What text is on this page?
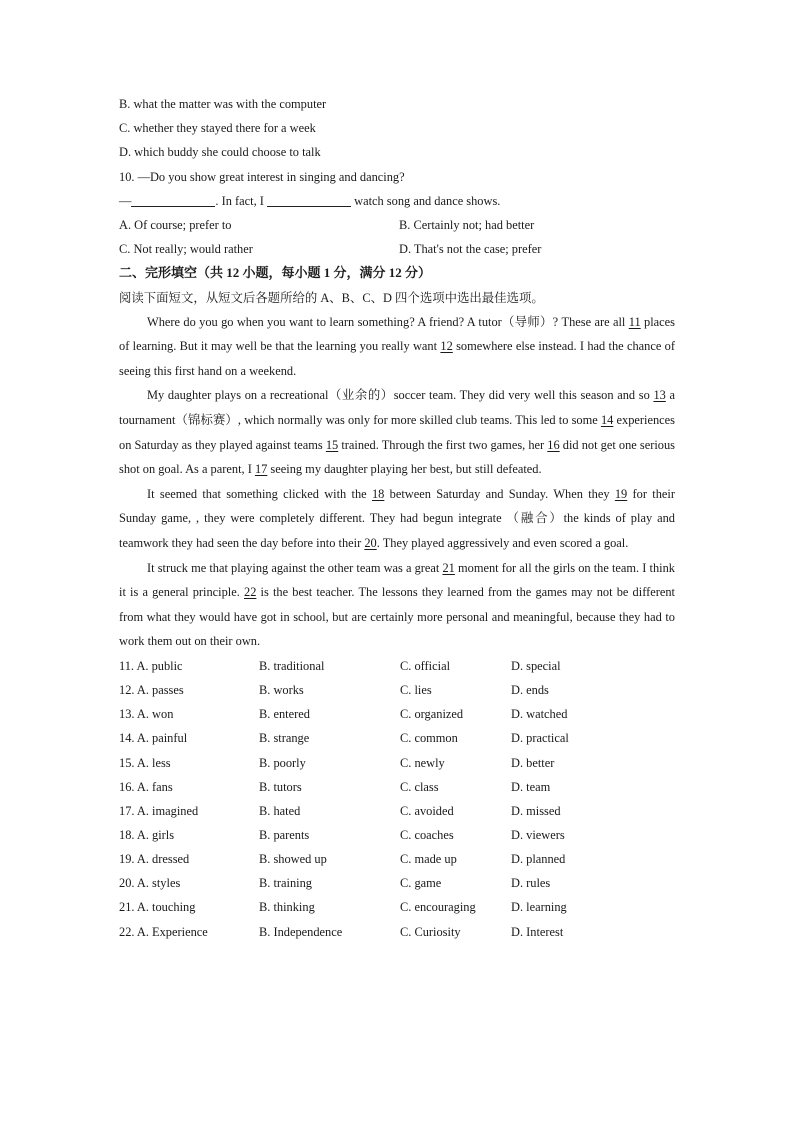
B. what the matter was with the computer
C. whether they stayed there for a week
D. which buddy she could choose to talk
10. —Do you show great interest in singing and dancing?
—	. In fact, I	watch song and dance shows.
A. Of course; prefer to	B. Certainly not; had better
C. Not really; would rather	D. That's not the case; prefer
二、完形填空（共 12 小题，每小题 1 分，满分 12 分）
阅读下面短文，从短文后各题所给的 A、B、C、D 四个选项中选出最佳选项。

Where do you go when you want to learn something? A friend? A tutor（导师）? These are all 11 places of learning. But it may well be that the learning you really want 12 somewhere else instead. I had the chance of seeing this first hand on a weekend.

My daughter plays on a recreational（业余的）soccer team. They did very well this season and so 13 a tournament（锦标赛）, which normally was only for more skilled club teams. This led to some 14 experiences on Saturday as they played against teams 15 trained. Through the first two games, her 16 did not get one serious shot on goal. As a parent, I 17 seeing my daughter playing her best, but still defeated.

It seemed that something clicked with the 18 between Saturday and Sunday. When they 19 for their Sunday game, , they were completely different. They had begun integrate （融合）the kinds of play and teamwork they had seen the day before into their 20. They played aggressively and even scored a goal.

It struck me that playing against the other team was a great 21 moment for all the girls on the team. I think it is a general principle. 22 is the best teacher. The lessons they learned from the games may not be different from what they would have got in school, but are certainly more personal and meaningful, because they had to work them out on their own.

11. A. public	B. traditional	C. official	D. special
12. A. passes	B. works	C. lies	D. ends
13. A. won	B. entered	C. organized	D. watched
14. A. painful	B. strange	C. common	D. practical
15. A. less	B. poorly	C. newly	D. better
16. A. fans	B. tutors	C. class	D. team
17. A. imagined	B. hated	C. avoided	D. missed
18. A. girls	B. parents	C. coaches	D. viewers
19. A. dressed	B. showed up	C. made up	D. planned
20. A. styles	B. training	C. game	D. rules
21. A. touching	B. thinking	C. encouraging	D. learning
22. A. Experience	B. Independence	C. Curiosity	D. Interest
